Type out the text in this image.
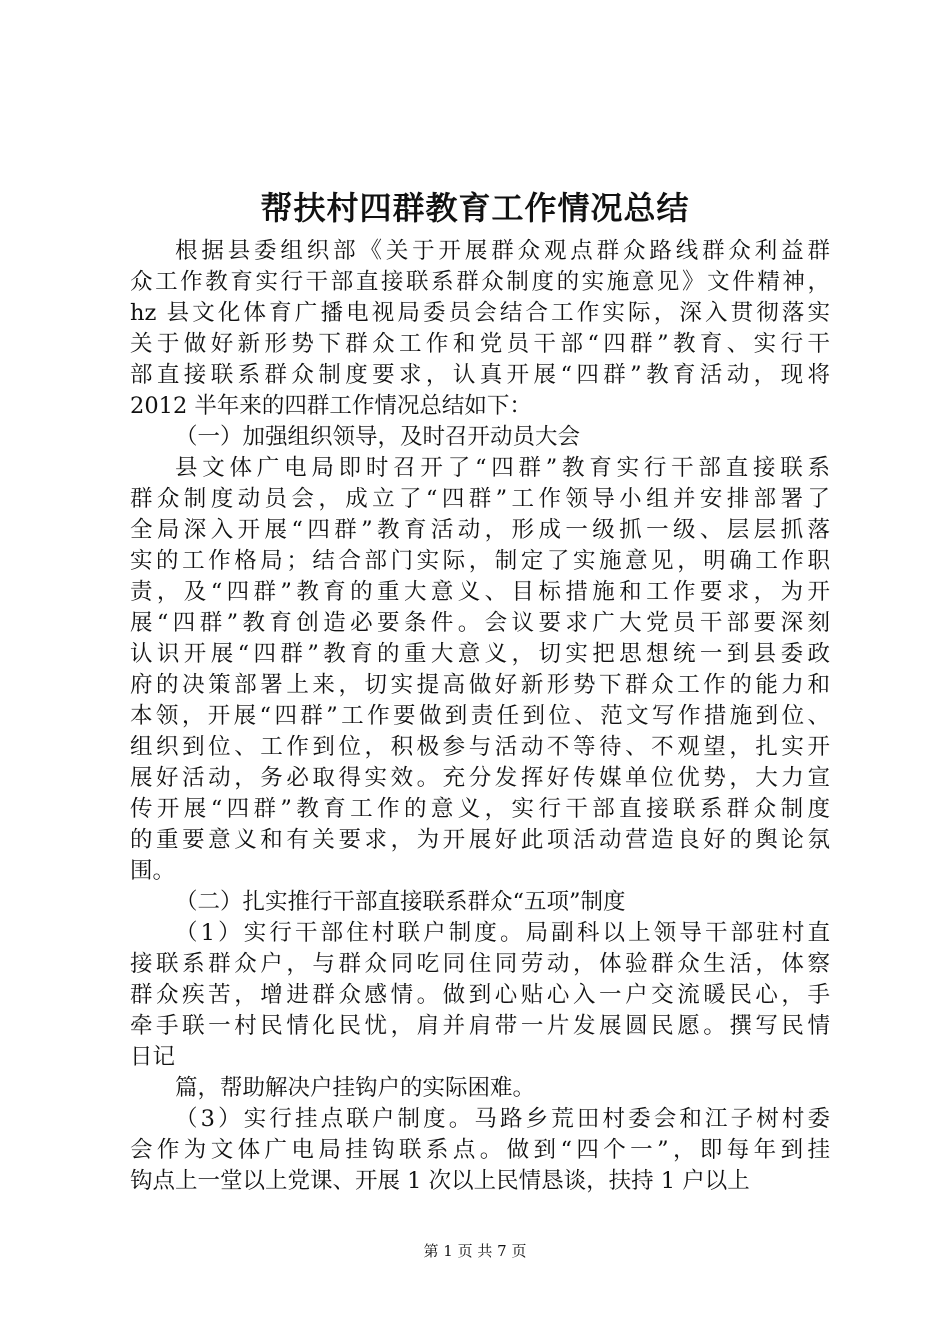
帮扶村四群教育工作情况总结
根据县委组织部《关于开展群众观点群众路线群众利益群
众工作教育实行干部直接联系群众制度的实施意见》文件精神，
hz 县文化体育广播电视局委员会结合工作实际，深入贯彻落实
关于做好新形势下群众工作和党员干部“四群”教育、实行干
部直接联系群众制度要求，认真开展“四群”教育活动，现将
2012 半年来的四群工作情况总结如下：
（一）加强组织领导，及时召开动员大会
县文体广电局即时召开了“四群”教育实行干部直接联系
群众制度动员会，成立了“四群”工作领导小组并安排部署了
全局深入开展“四群”教育活动，形成一级抓一级、层层抓落
实的工作格局；结合部门实际，制定了实施意见，明确工作职
责，及“四群”教育的重大意义、目标措施和工作要求，为开
展“四群”教育创造必要条件。会议要求广大党员干部要深刻
认识开展“四群”教育的重大意义，切实把思想统一到县委政
府的决策部署上来，切实提高做好新形势下群众工作的能力和
本领，开展“四群”工作要做到责任到位、范文写作措施到位、
组织到位、工作到位，积极参与活动不等待、不观望，扎实开
展好活动，务必取得实效。充分发挥好传媒单位优势，大力宣
传开展“四群”教育工作的意义，实行干部直接联系群众制度
的重要意义和有关要求，为开展好此项活动营造良好的舆论氛
围。
（二）扎实推行干部直接联系群众“五项”制度
（1）实行干部住村联户制度。局副科以上领导干部驻村直
接联系群众户，与群众同吃同住同劳动，体验群众生活，体察
群众疾苦，增进群众感情。做到心贴心入一户交流暖民心，手
牵手联一村民情化民忧，肩并肩带一片发展圆民愿。撰写民情
日记
篇，帮助解决户挂钩户的实际困难。
（3）实行挂点联户制度。马路乡荒田村委会和江子树村委
会作为文体广电局挂钩联系点。做到“四个一”，即每年到挂
钩点上一堂以上党课、开展 1 次以上民情恳谈，扶持 1 户以上
第 1 页 共 7 页
